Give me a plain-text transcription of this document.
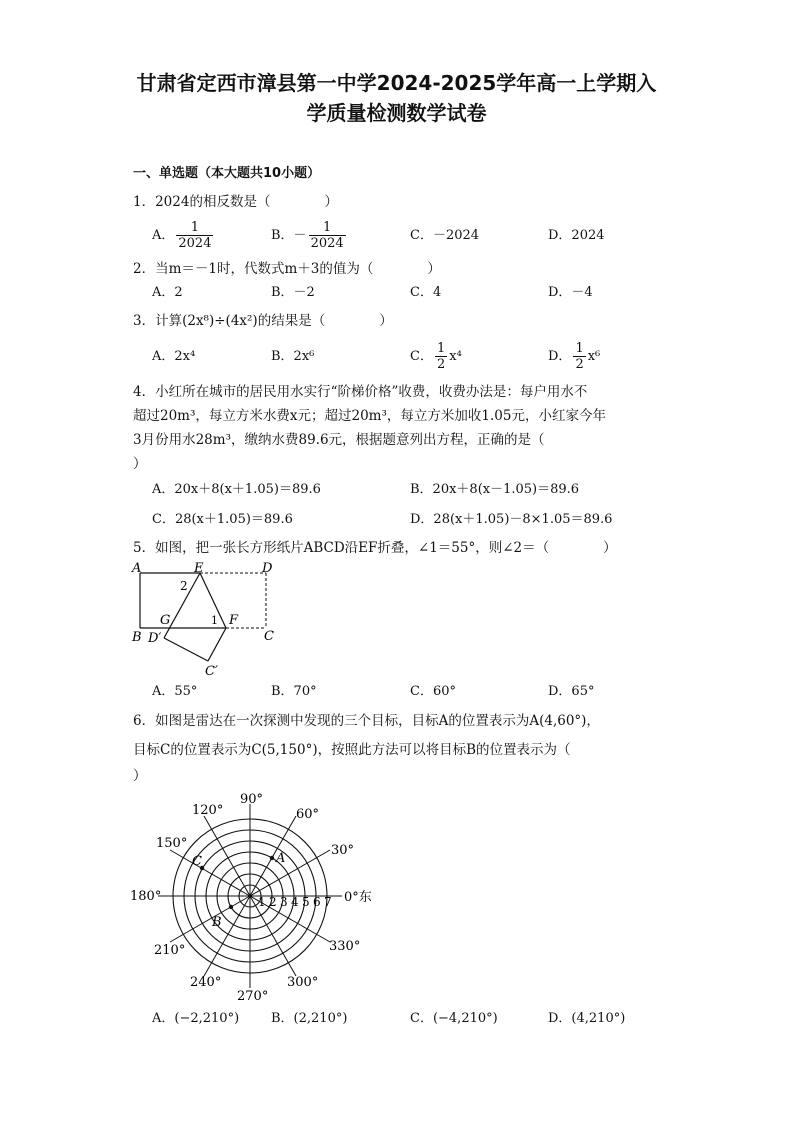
甘肃省定西市漳县第一中学2024-2025学年高一上学期入
学质量检测数学试卷
一、单选题（本大题共10小题）
1．2024的相反数是（　　　　）
A． $\frac{1}{2024}$	B．－ $\frac{1}{2024}$	C．－2024	D．2024
2．当m＝－1时，代数式m＋3的值为（　　　　）
A．2	B．－2	C．4	D．－4
3．计算(2x⁸)÷(4x²)的结果是（　　　　）
A．2x⁴	B．2x⁶	C． $\frac{1}{2} x^4$	D． $\frac{1}{2} x^6$
4．小红所在城市的居民用水实行“阶梯价格”收费，收费办法是：每户用水不
超过20m³，每立方米水费x元；超过20m³，每立方米加收1.05元，小红家今年
3月份用水28m³，缴纳水费89.6元，根据题意列出方程，正确的是（
）
A．20x＋8(x＋1.05)＝89.6	B．20x＋8(x－1.05)＝89.6
C．28(x＋1.05)＝89.6	D．28(x＋1.05)－8×1.05＝89.6
5．如图，把一张长方形纸片ABCD沿EF折叠，∠1＝55°，则∠2＝（　　　　）
A	E	D
B	C
G	F
D′
C′
2
1
A．55°	B．70°	C．60°	D．65°
6．如图是雷达在一次探测中发现的三个目标，目标A的位置表示为A(4,60°)，
目标C的位置表示为C(5,150°)，按照此方法可以将目标B的位置表示为（
）
A
C
B
1 2 3 4 5 6 7
90°
60°
30°
0°东
120°
150°
180°
210°
240°
270°
300°
330°
A．(−2,210°) B．(2,210°)	C．(−4,210°)	D．(4,210°)
